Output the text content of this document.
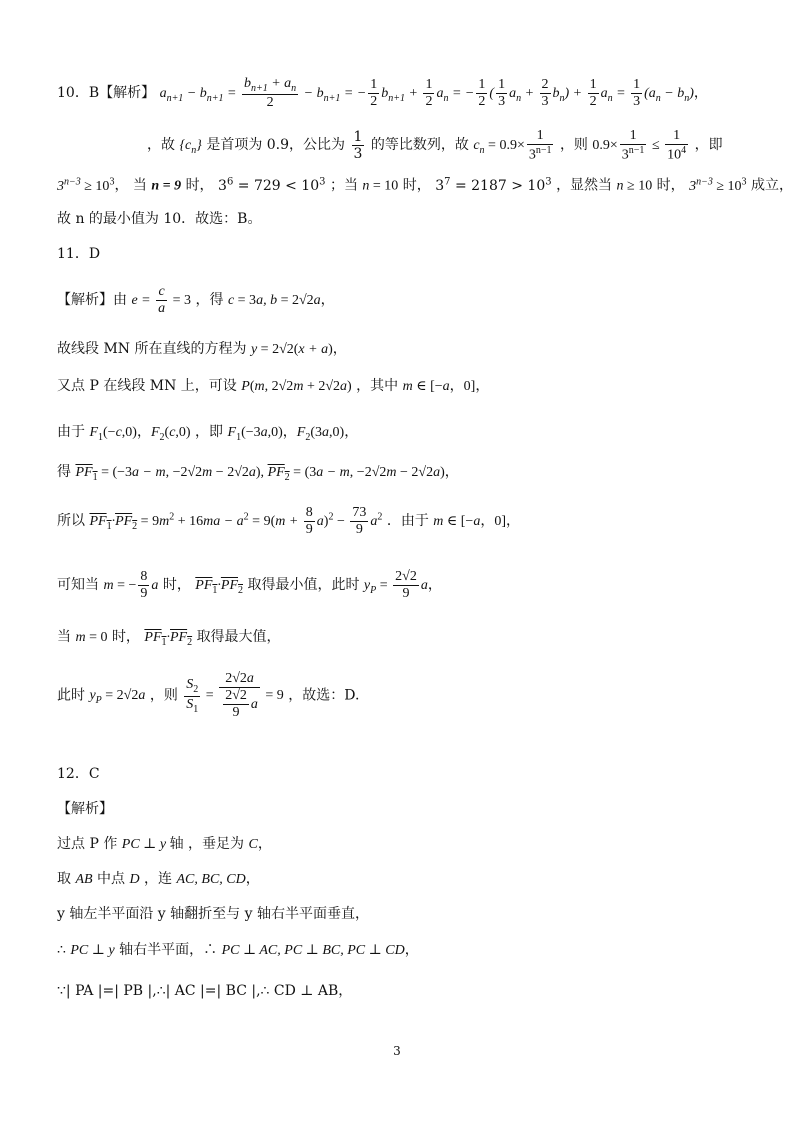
10．B【解析】 $a_{n+1} - b_{n+1} = \frac{b_{n+1} + a_n}{2} - b_{n+1}$ = − $\frac{1}{2} b_{n+1} + \frac{1}{2} a_n$ = − $\frac{1}{2}$ ( $\frac{1}{3} a_n + \frac{2}{3} b_n) + \frac{1}{2} a_n = \frac{1}{3} (a_n - b_n)$，
，故 $\{c_n\}$ 是首项为 0.9，公比为 $\frac{1}{3}$ 的等比数列，故 $c_n = 0.9\times \frac{1}{3^{n-1}}$ ，则 $0.9\times \frac{1}{3^{n-1}} \le \frac{1}{10^4}$ ，即
$3^{n-3} \ge 10^3$， 当 n = 9 时， $3^6 = 729 < 10^3$ ；当 n = 10 时， $3^7 = 2187 > 10^3$ ，显然当 n ≥ 10 时， $3^{n-3} \ge 10^3$ 成立，
故 n 的最小值为 10．故选：B。
11．D
【解析】由 $e = \frac{c}{a} = 3$ ，得 c = 3a, b = 2√2a，
故线段 MN 所在直线的方程为 y = 2√2(x + a)，
又点 P 在线段 MN 上，可设 P(m, 2√2m + 2√2a) ，其中 m ∈ [−a，0]，
由于 $F_1(-c,0)$，$F_2(c,0)$ ，即 $F_1(-3a,0)$，$F_2(3a,0)$，
得 $PF_1 = (-3a - m$, −2√2m − 2√2a), $PF_2 = (3a - m$, −2√2m − 2√2a)，
所以 $PF_1\cdot PF_2 = 9m^2 + 16ma - a^2 = 9(m + \frac{8}{9} a)^2 - \frac{73}{9} a^2$ ．由于 m ∈ [−a，0]，
可知当 m = − $\frac{8}{9}$ a 时， $PF_1\cdot PF_2$ 取得最小值，此时 $y_P = \frac{2√2}{9}$ a，
当 m = 0 时， $PF_1\cdot PF_2$ 取得最大值，
此时 $y_P = 2√2a$ ，则 $\frac{S_2}{S_1} = \frac{2√2a}{\frac{2√2}{9} a} = 9$ ，故选：D.
12．C
【解析】
过点 P 作 PC ⊥ y 轴 ，垂足为 C，
取 AB 中点 D ，连 AC, BC, CD，
y 轴左半平面沿 y 轴翻折至与 y 轴右半平面垂直，
∴ PC ⊥ y 轴右半平面，∴ PC ⊥ AC, PC ⊥ BC, PC ⊥ CD，
∵| PA |=| PB |,∴| AC |=| BC |,∴ CD ⊥ AB，
3
